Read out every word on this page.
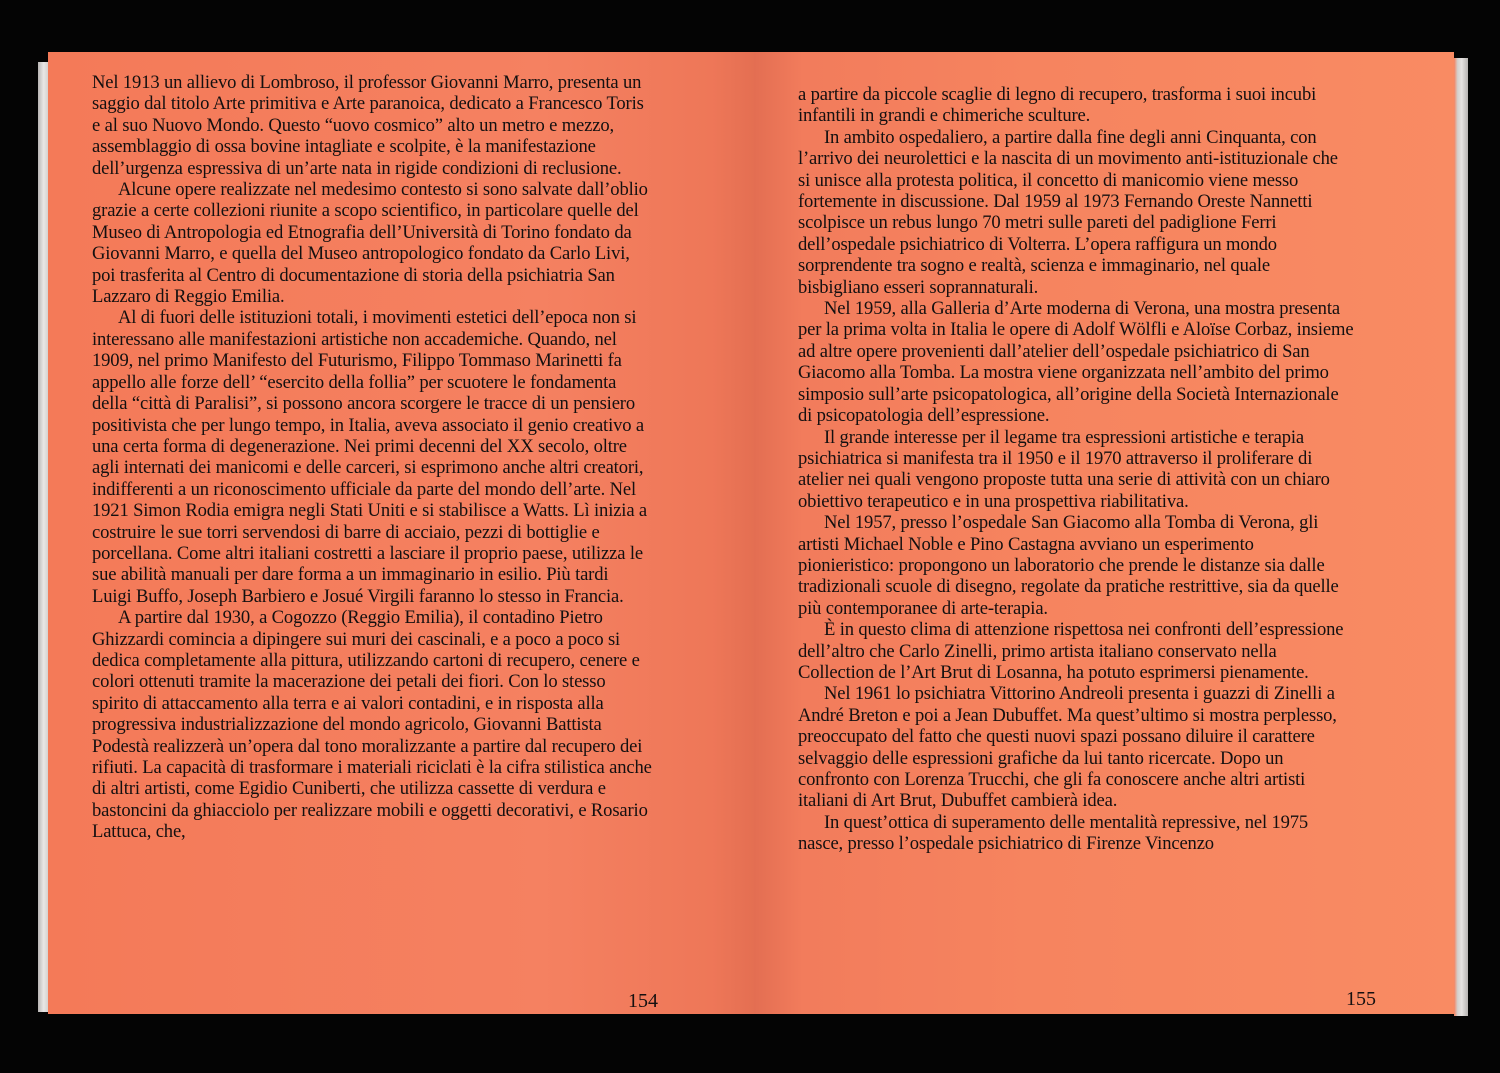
Nel 1913 un allievo di Lombroso, il professor Giovanni Marro, presenta un saggio dal titolo Arte primitiva e Arte paranoica, dedicato a Francesco Toris e al suo Nuovo Mondo. Questo “uovo cosmico” alto un metro e mezzo, assemblaggio di ossa bovine intagliate e scolpite, è la manifestazione dell’urgenza espressiva di un’arte nata in rigide condizioni di reclusione.

Alcune opere realizzate nel medesimo contesto si sono salvate dall’oblio grazie a certe collezioni riunite a scopo scientifico, in particolare quelle del Museo di Antropologia ed Etnografia dell’Università di Torino fondato da Giovanni Marro, e quella del Museo antropologico fondato da Carlo Livi, poi trasferita al Centro di documentazione di storia della psichiatria San Lazzaro di Reggio Emilia.

Al di fuori delle istituzioni totali, i movimenti estetici dell’epoca non si interessano alle manifestazioni artistiche non accademiche. Quando, nel 1909, nel primo Manifesto del Futurismo, Filippo Tommaso Marinetti fa appello alle forze dell’ “esercito della follia” per scuotere le fondamenta della “città di Paralisi”, si possono ancora scorgere le tracce di un pensiero positivista che per lungo tempo, in Italia, aveva associato il genio creativo a una certa forma di degenerazione. Nei primi decenni del XX secolo, oltre agli internati dei manicomi e delle carceri, si esprimono anche altri creatori, indifferenti a un riconoscimento ufficiale da parte del mondo dell’arte. Nel 1921 Simon Rodia emigra negli Stati Uniti e si stabilisce a Watts. Lì inizia a costruire le sue torri servendosi di barre di acciaio, pezzi di bottiglie e porcellana. Come altri italiani costretti a lasciare il proprio paese, utilizza le sue abilità manuali per dare forma a un immaginario in esilio. Più tardi Luigi Buffo, Joseph Barbiero e Josué Virgili faranno lo stesso in Francia.

A partire dal 1930, a Cogozzo (Reggio Emilia), il contadino Pietro Ghizzardi comincia a dipingere sui muri dei cascinali, e a poco a poco si dedica completamente alla pittura, utilizzando cartoni di recupero, cenere e colori ottenuti tramite la macerazione dei petali dei fiori. Con lo stesso spirito di attaccamento alla terra e ai valori contadini, e in risposta alla progressiva industrializzazione del mondo agricolo, Giovanni Battista Podestà realizzerà un’opera dal tono moralizzante a partire dal recupero dei rifiuti. La capacità di trasformare i materiali riciclati è la cifra stilistica anche di altri artisti, come Egidio Cuniberti, che utilizza cassette di verdura e bastoncini da ghiacciolo per realizzare mobili e oggetti decorativi, e Rosario Lattuca, che,

154

a partire da piccole scaglie di legno di recupero, trasforma i suoi incubi infantili in grandi e chimeriche sculture.

In ambito ospedaliero, a partire dalla fine degli anni Cinquanta, con l’arrivo dei neurolettici e la nascita di un movimento anti-istituzionale che si unisce alla protesta politica, il concetto di manicomio viene messo fortemente in discussione. Dal 1959 al 1973 Fernando Oreste Nannetti scolpisce un rebus lungo 70 metri sulle pareti del padiglione Ferri dell’ospedale psichiatrico di Volterra. L’opera raffigura un mondo sorprendente tra sogno e realtà, scienza e immaginario, nel quale bisbigliano esseri soprannaturali.

Nel 1959, alla Galleria d’Arte moderna di Verona, una mostra presenta per la prima volta in Italia le opere di Adolf Wölfli e Aloïse Corbaz, insieme ad altre opere provenienti dall’atelier dell’ospedale psichiatrico di San Giacomo alla Tomba. La mostra viene organizzata nell’ambito del primo simposio sull’arte psicopatologica, all’origine della Società Internazionale di psicopatologia dell’espressione.

Il grande interesse per il legame tra espressioni artistiche e terapia psichiatrica si manifesta tra il 1950 e il 1970 attraverso il proliferare di atelier nei quali vengono proposte tutta una serie di attività con un chiaro obiettivo terapeutico e in una prospettiva riabilitativa.

Nel 1957, presso l’ospedale San Giacomo alla Tomba di Verona, gli artisti Michael Noble e Pino Castagna avviano un esperimento pionieristico: propongono un laboratorio che prende le distanze sia dalle tradizionali scuole di disegno, regolate da pratiche restrittive, sia da quelle più contemporanee di arte-terapia.

È in questo clima di attenzione rispettosa nei confronti dell’espressione dell’altro che Carlo Zinelli, primo artista italiano conservato nella Collection de l’Art Brut di Losanna, ha potuto esprimersi pienamente.

Nel 1961 lo psichiatra Vittorino Andreoli presenta i guazzi di Zinelli a André Breton e poi a Jean Dubuffet. Ma quest’ultimo si mostra perplesso, preoccupato del fatto che questi nuovi spazi possano diluire il carattere selvaggio delle espressioni grafiche da lui tanto ricercate. Dopo un confronto con Lorenza Trucchi, che gli fa conoscere anche altri artisti italiani di Art Brut, Dubuffet cambierà idea.

In quest’ottica di superamento delle mentalità repressive, nel 1975 nasce, presso l’ospedale psichiatrico di Firenze Vincenzo

155
